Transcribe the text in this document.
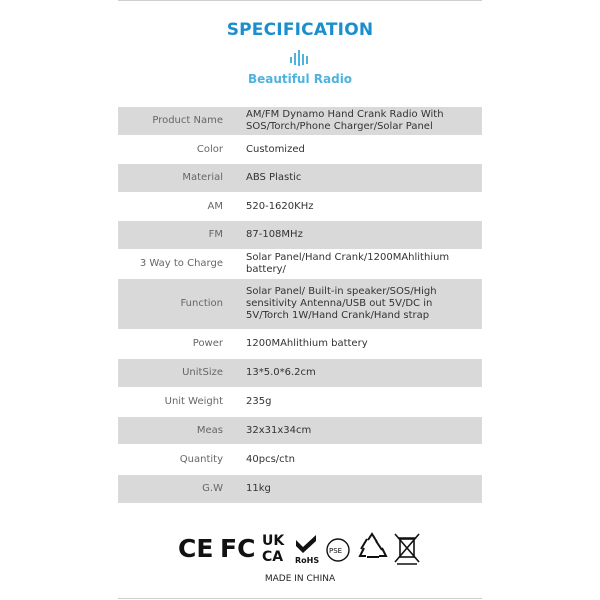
SPECIFICATION
Beautiful Radio
Product Name
AM/FM Dynamo Hand Crank Radio With SOS/Torch/Phone Charger/Solar Panel
Color Customized
Material ABS Plastic
AM 520-1620KHz
FM 87-108MHz
3 Way to Charge
Solar Panel/Hand Crank/1200MAhlithium battery/
Function
Solar Panel/ Built-in speaker/SOS/High sensitivity Antenna/USB out 5V/DC in 5V/Torch 1W/Hand Crank/Hand strap
Power 1200MAhlithium battery
UnitSize 13*5.0*6.2cm
Unit Weight 235g
Meas 32x31x34cm
Quantity 40pcs/ctn
G.W 11kg
CE FC UK
CA RoHS
PSE
MADE IN CHINA
